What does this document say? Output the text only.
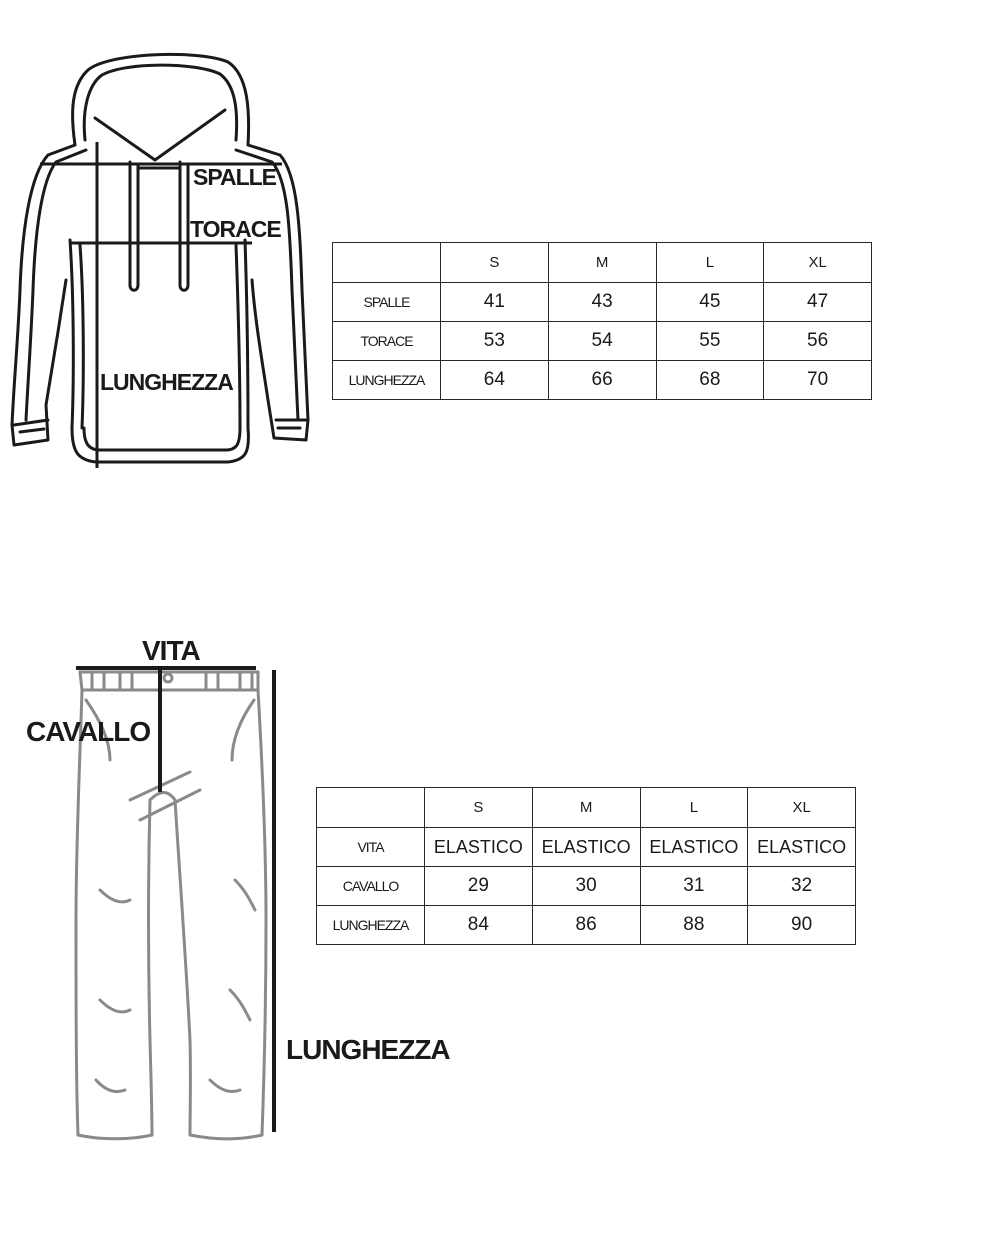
SPALLE
TORACE
LUNGHEZZA
	S	M	L	XL
SPALLE	41	43	45	47
TORACE	53	54	55	56
LUNGHEZZA	64	66	68	70
VITA
CAVALLO
LUNGHEZZA
	S	M	L	XL
VITA	ELASTICO	ELASTICO	ELASTICO	ELASTICO
CAVALLO	29	30	31	32
LUNGHEZZA	84	86	88	90
